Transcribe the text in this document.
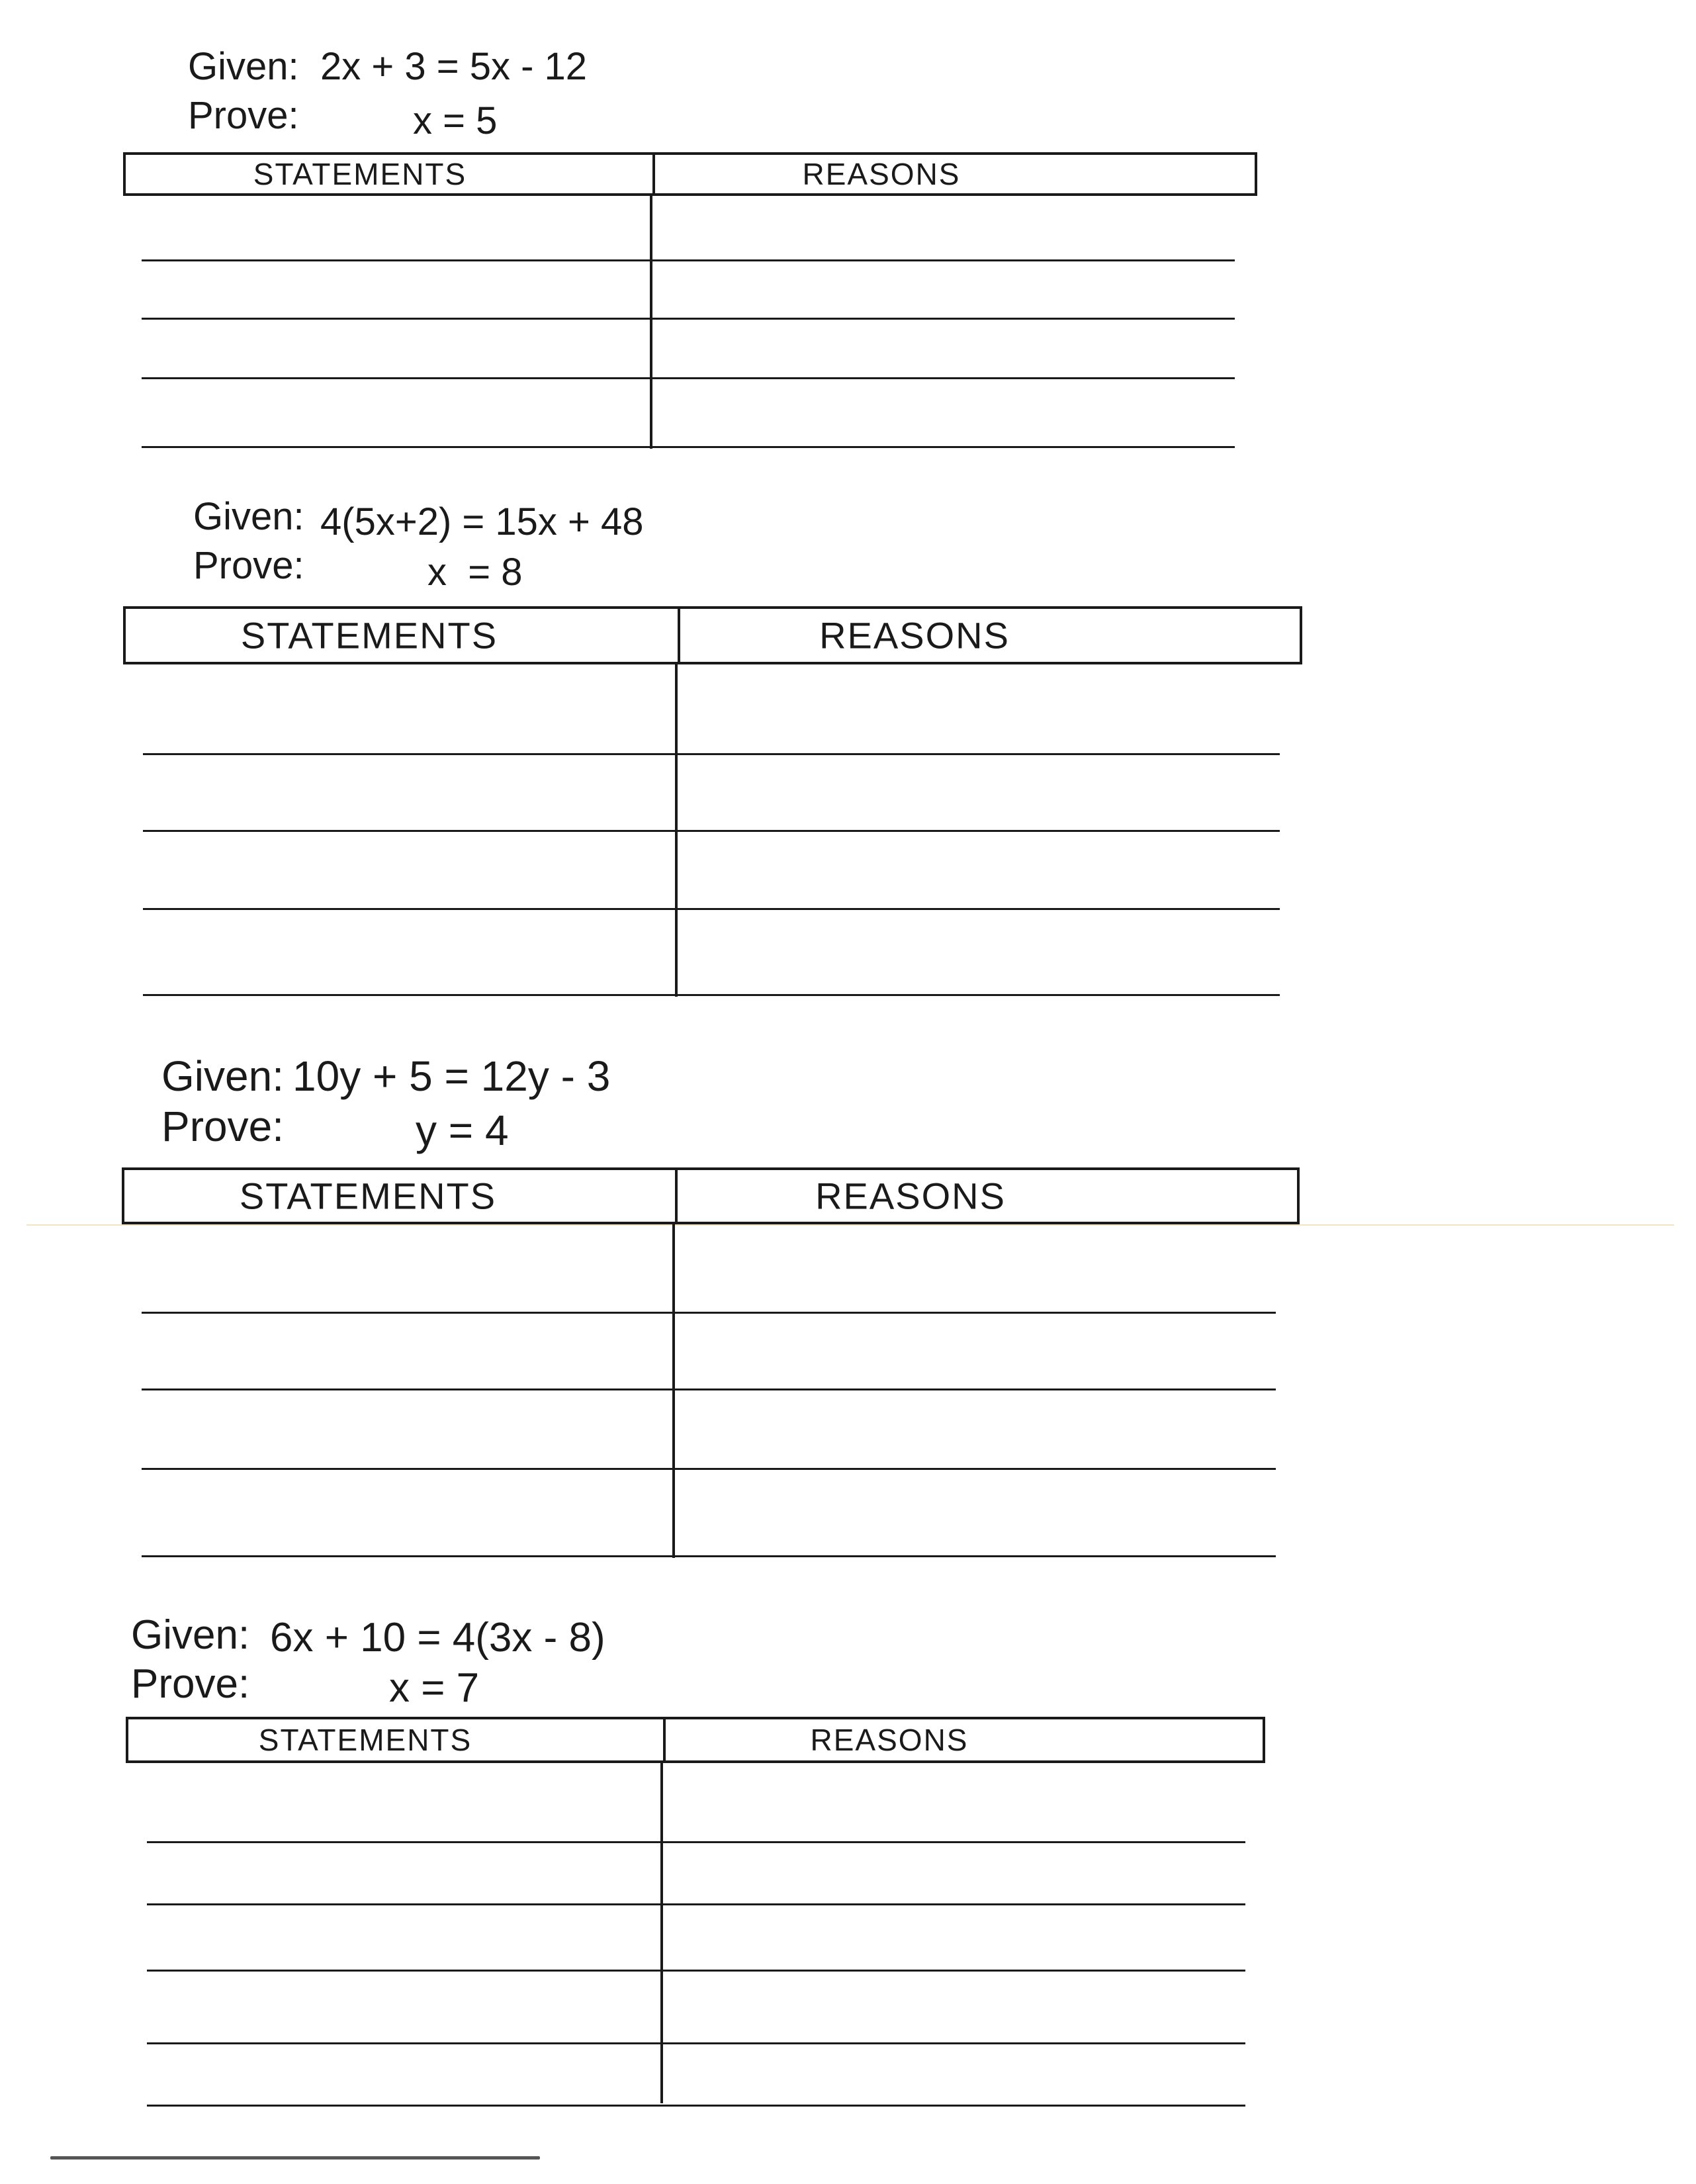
Given: 2x + 3 = 5x - 12
Prove:	x = 5
STATEMENTS	REASONS
Given: 4(5x+2) = 15x + 48
Prove:	x  = 8
STATEMENTS	REASONS
Given: 10y + 5 = 12y - 3
Prove:	y = 4
STATEMENTS	REASONS
Given: 6x + 10 = 4(3x - 8)
Prove:	x = 7
STATEMENTS	REASONS
